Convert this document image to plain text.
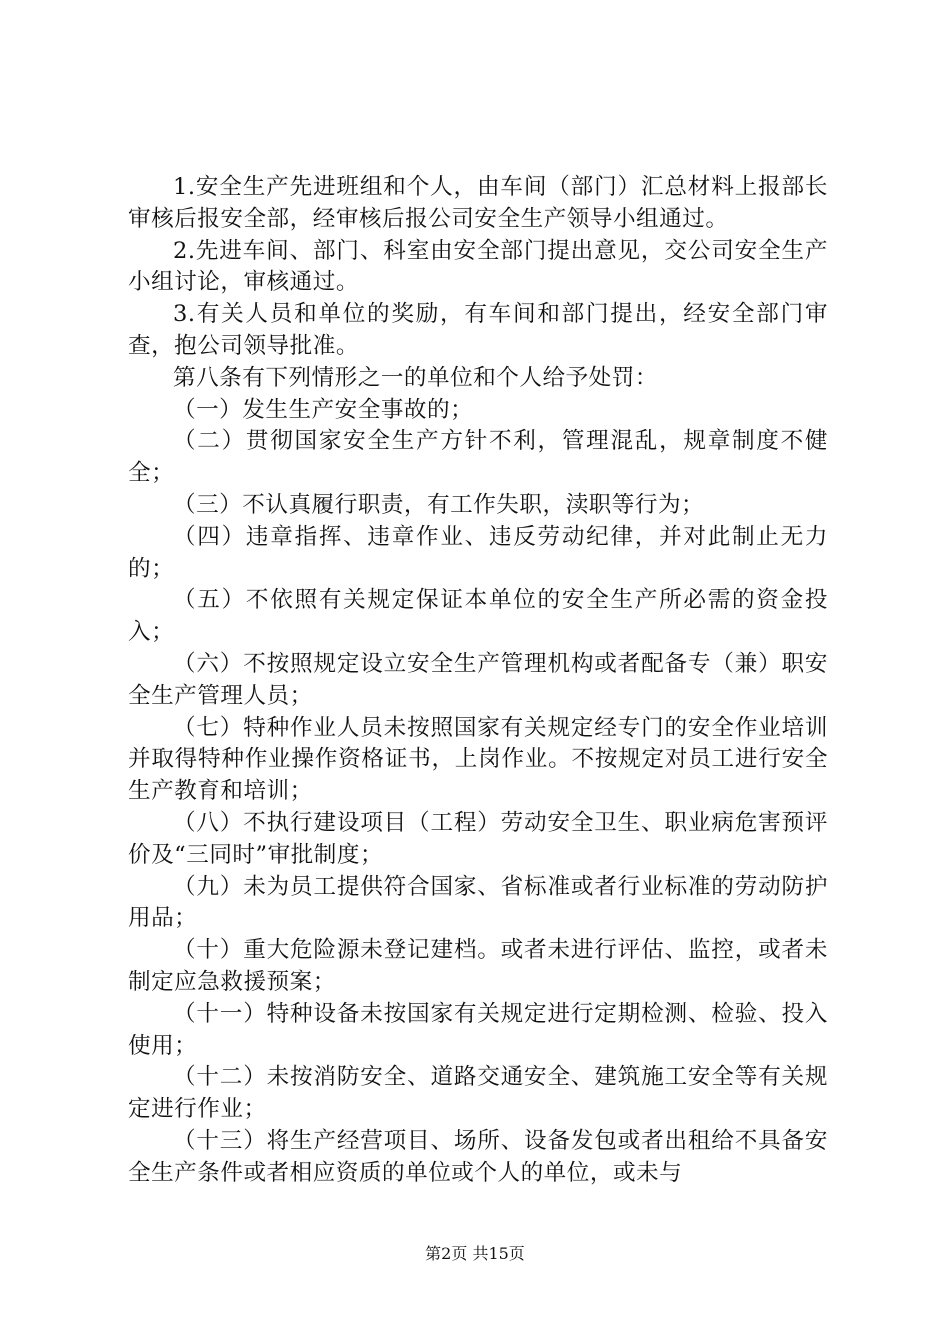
1.安全生产先进班组和个人，由车间（部门）汇总材料上报部长审核后报安全部，经审核后报公司安全生产领导小组通过。

2.先进车间、部门、科室由安全部门提出意见，交公司安全生产小组讨论，审核通过。

3.有关人员和单位的奖励，有车间和部门提出，经安全部门审查，抱公司领导批准。

第八条有下列情形之一的单位和个人给予处罚：

（一）发生生产安全事故的；

（二）贯彻国家安全生产方针不利，管理混乱，规章制度不健全；

（三）不认真履行职责，有工作失职，渎职等行为；

（四）违章指挥、违章作业、违反劳动纪律，并对此制止无力的；

（五）不依照有关规定保证本单位的安全生产所必需的资金投入；

（六）不按照规定设立安全生产管理机构或者配备专（兼）职安全生产管理人员；

（七）特种作业人员未按照国家有关规定经专门的安全作业培训并取得特种作业操作资格证书，上岗作业。不按规定对员工进行安全生产教育和培训；

（八）不执行建设项目（工程）劳动安全卫生、职业病危害预评价及“三同时”审批制度；

（九）未为员工提供符合国家、省标准或者行业标准的劳动防护用品；

（十）重大危险源未登记建档。或者未进行评估、监控，或者未制定应急救援预案；

（十一）特种设备未按国家有关规定进行定期检测、检验、投入使用；

（十二）未按消防安全、道路交通安全、建筑施工安全等有关规定进行作业；

（十三）将生产经营项目、场所、设备发包或者出租给不具备安全生产条件或者相应资质的单位或个人的单位，或未与

第2页 共15页
